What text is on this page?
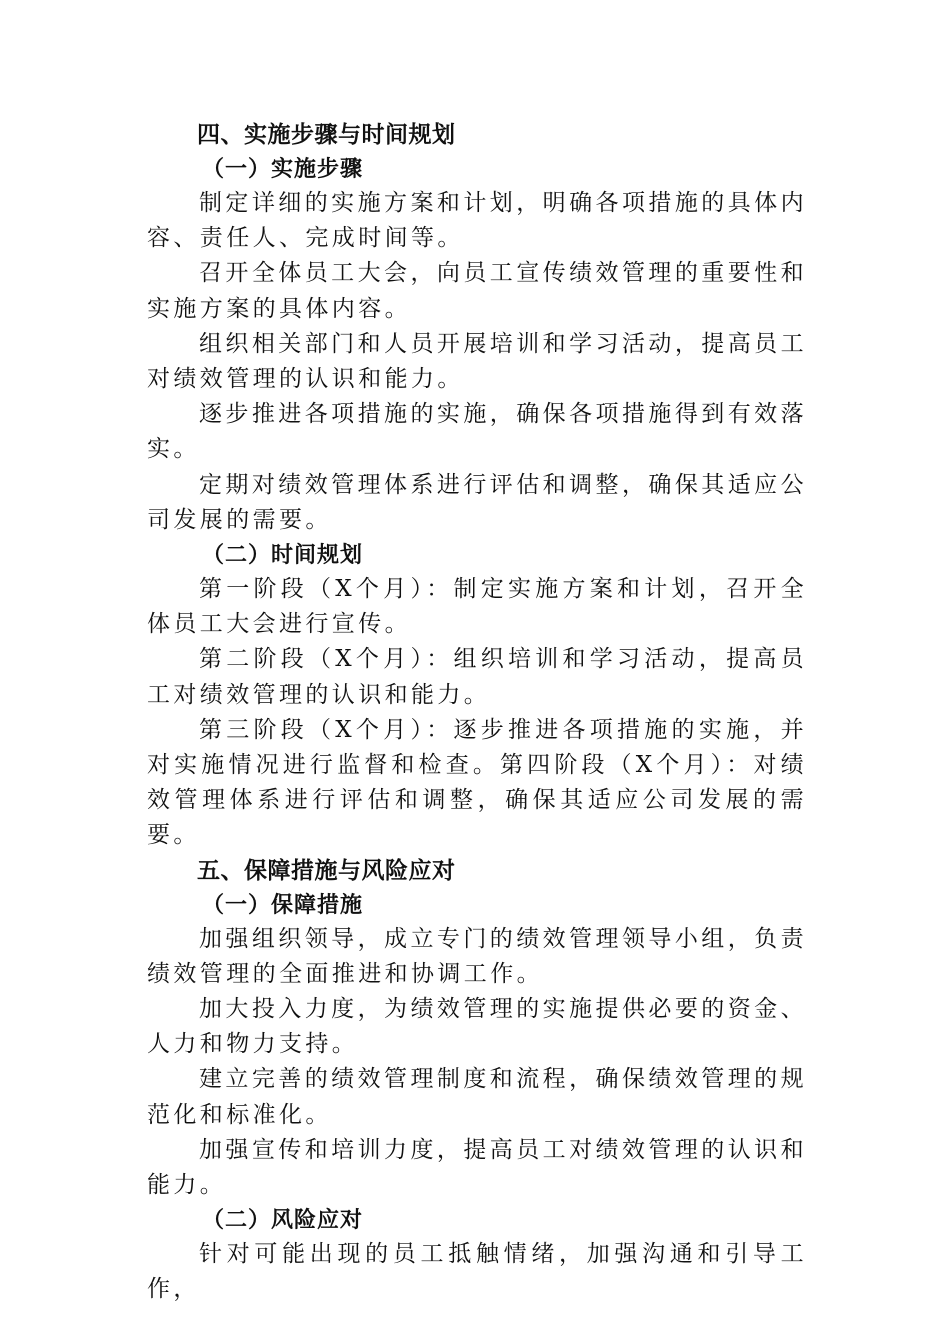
四、实施步骤与时间规划
（一）实施步骤

制定详细的实施方案和计划，明确各项措施的具体内容、责任人、完成时间等。

召开全体员工大会，向员工宣传绩效管理的重要性和实施方案的具体内容。

组织相关部门和人员开展培训和学习活动，提高员工对绩效管理的认识和能力。

逐步推进各项措施的实施，确保各项措施得到有效落实。

定期对绩效管理体系进行评估和调整，确保其适应公司发展的需要。

（二）时间规划

第一阶段（X个月）：制定实施方案和计划，召开全体员工大会进行宣传。

第二阶段（X个月）：组织培训和学习活动，提高员工对绩效管理的认识和能力。

第三阶段（X个月）：逐步推进各项措施的实施，并对实施情况进行监督和检查。第四阶段（X个月）：对绩效管理体系进行评估和调整，确保其适应公司发展的需要。

五、保障措施与风险应对
（一）保障措施

加强组织领导，成立专门的绩效管理领导小组，负责绩效管理的全面推进和协调工作。

加大投入力度，为绩效管理的实施提供必要的资金、人力和物力支持。

建立完善的绩效管理制度和流程，确保绩效管理的规范化和标准化。

加强宣传和培训力度，提高员工对绩效管理的认识和能力。

（二）风险应对

针对可能出现的员工抵触情绪，加强沟通和引导工作，
